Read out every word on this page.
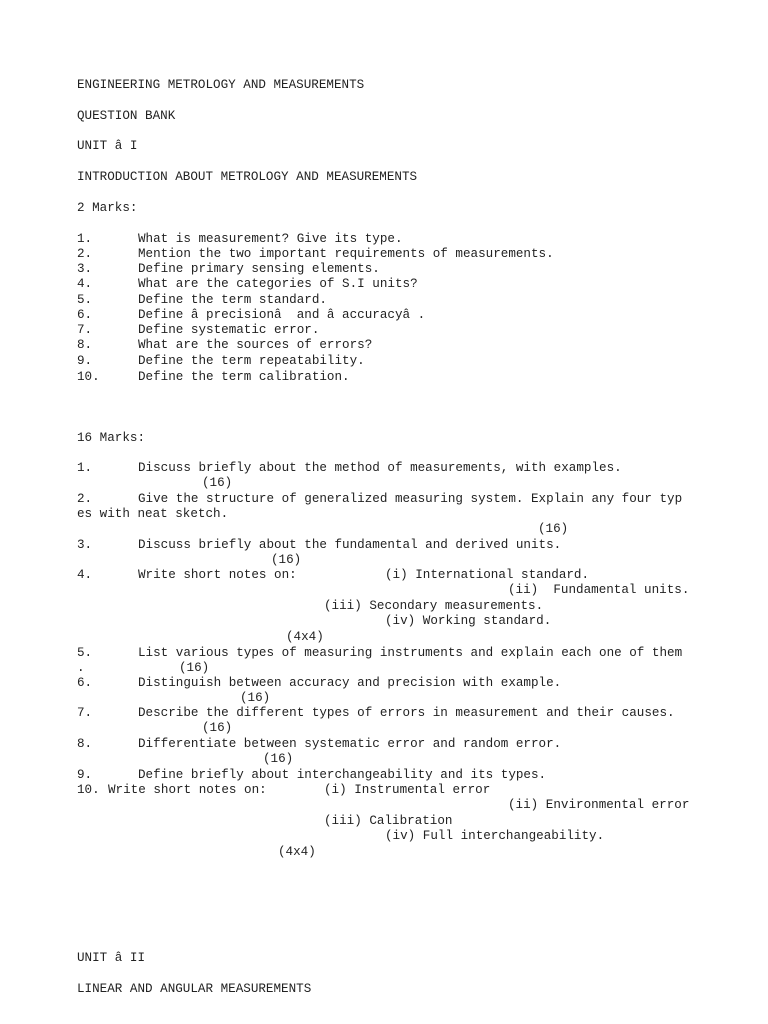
ENGINEERING METROLOGY AND MEASUREMENTS
QUESTION BANK
UNIT â I
INTRODUCTION ABOUT METROLOGY AND MEASUREMENTS
2 Marks:
1.	What is measurement? Give its type.
2.	Mention the two important requirements of measurements.
3.	Define primary sensing elements.
4.	What are the categories of S.I units?
5.	Define the term standard.
6.	Define â precisionâ  and â accuracyâ .
7.	Define systematic error.
8.	What are the sources of errors?
9.	Define the term repeatability.
10.	Define the term calibration.
16 Marks:
1.	Discuss briefly about the method of measurements, with examples.
(16)
2.	Give the structure of generalized measuring system. Explain any four typ
es with neat sketch.
(16)
3.	Discuss briefly about the fundamental and derived units.
(16)
4.	Write short notes on:	(i) International standard.
(ii)  Fundamental units.
(iii) Secondary measurements.
(iv) Working standard.
(4x4)
5.	List various types of measuring instruments and explain each one of them
.	(16)
6.	Distinguish between accuracy and precision with example.
(16)
7.	Describe the different types of errors in measurement and their causes.
(16)
8.	Differentiate between systematic error and random error.
(16)
9.	Define briefly about interchangeability and its types.
10. Write short notes on:	(i) Instrumental error
(ii) Environmental error
(iii) Calibration
(iv) Full interchangeability.
(4x4)
UNIT â II
LINEAR AND ANGULAR MEASUREMENTS
